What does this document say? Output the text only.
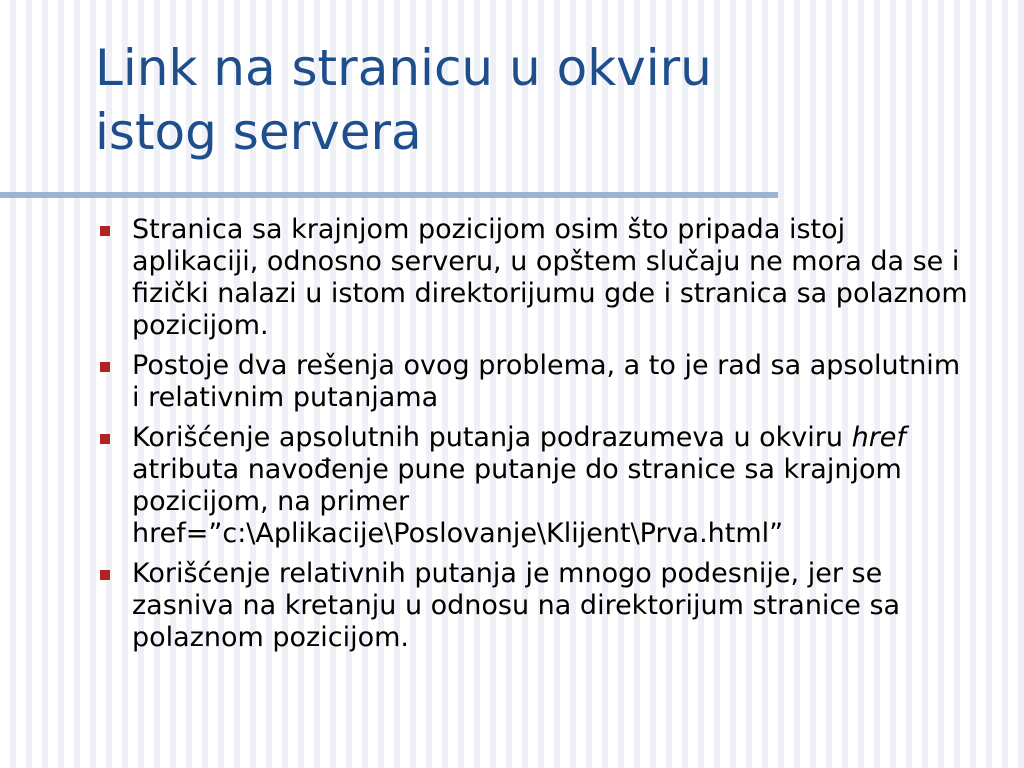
Link na stranicu u okviru
istog servera
Stranica sa krajnjom pozicijom osim što pripada istoj aplikaciji, odnosno serveru, u opštem slučaju ne mora da se i fizički nalazi u istom direktorijumu gde i stranica sa polaznom pozicijom.
Postoje dva rešenja ovog problema, a to je rad sa apsolutnim i relativnim putanjama
Korišćenje apsolutnih putanja podrazumeva u okviru href atributa navođenje pune putanje do stranice sa krajnjom pozicijom, na primer href=”c:\Aplikacije\Poslovanje\Klijent\Prva.html”
Korišćenje relativnih putanja je mnogo podesnije, jer se zasniva na kretanju u odnosu na direktorijum stranice sa polaznom pozicijom.
